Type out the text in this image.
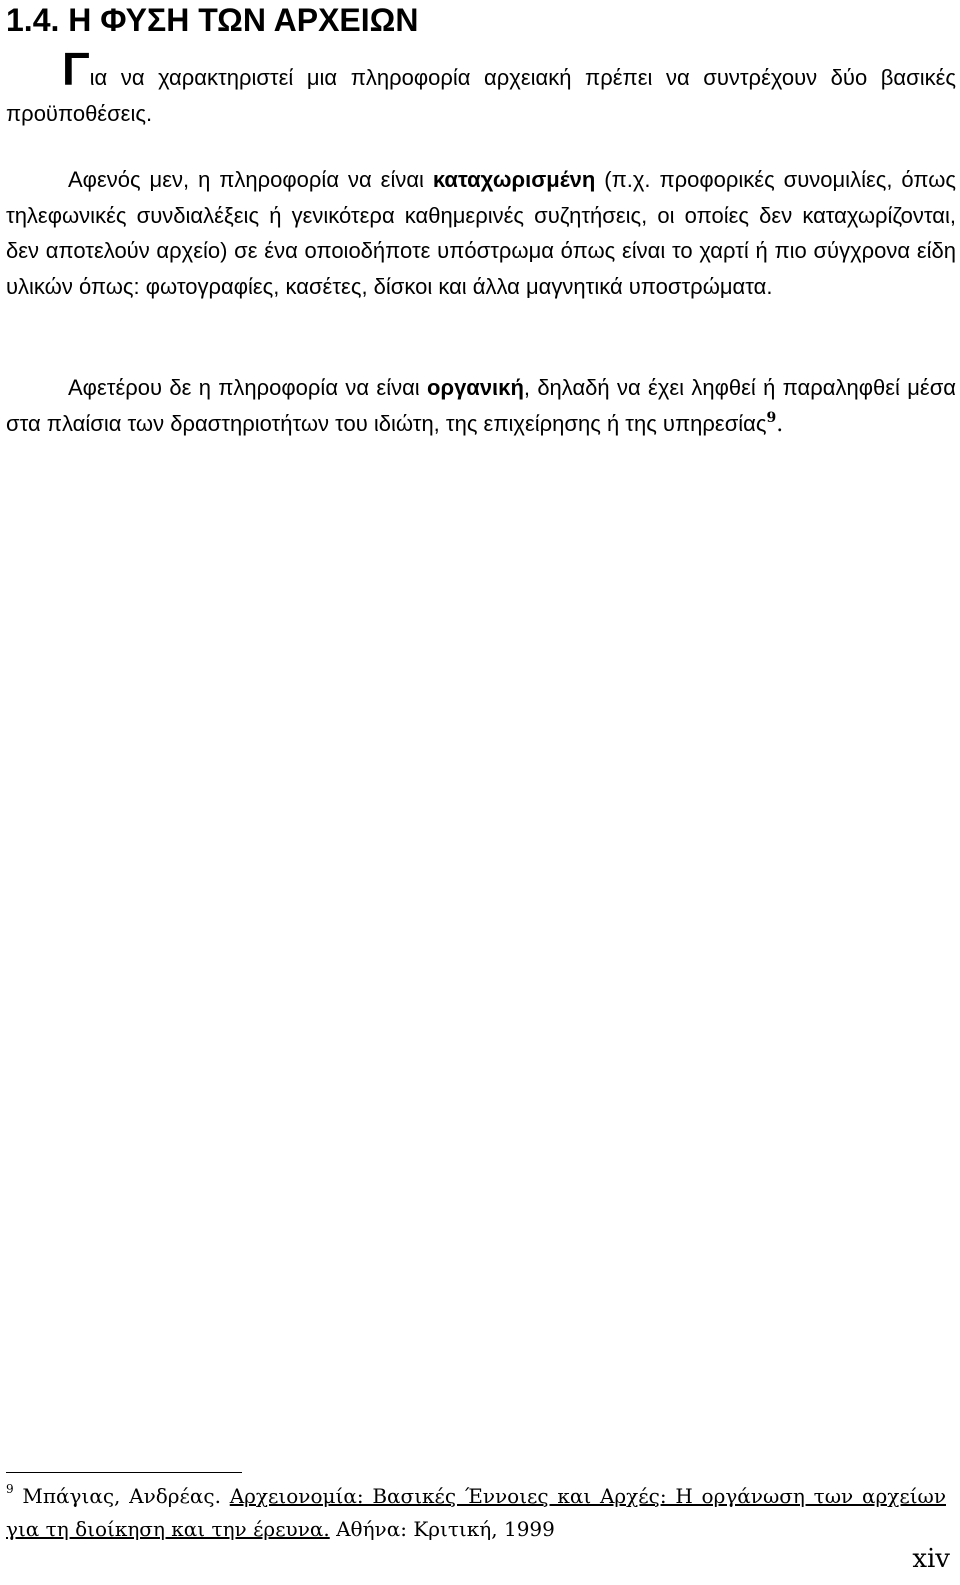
1.4. Η ΦΥΣΗ ΤΩΝ ΑΡΧΕΙΩΝ

Για να χαρακτηριστεί μια πληροφορία αρχειακή πρέπει να συντρέχουν δύο βασικές προϋποθέσεις.

Αφενός μεν, η πληροφορία να είναι καταχωρισμένη (π.χ. προφορικές συνομιλίες, όπως τηλεφωνικές συνδιαλέξεις ή γενικότερα καθημερινές συζητήσεις, οι οποίες δεν καταχωρίζονται, δεν αποτελούν αρχείο) σε ένα οποιοδήποτε υπόστρωμα όπως είναι το χαρτί ή πιο σύγχρονα είδη υλικών όπως: φωτογραφίες, κασέτες, δίσκοι και άλλα μαγνητικά υποστρώματα.

Αφετέρου δε η πληροφορία να είναι οργανική, δηλαδή να έχει ληφθεί ή παραληφθεί μέσα στα πλαίσια των δραστηριοτήτων του ιδιώτη, της επιχείρησης ή της υπηρεσίας$^9$.

$^9$ Μπάγιας, Ανδρέας. Αρχειονομία: Βασικές Έννοιες και Αρχές: Η οργάνωση των αρχείων για τη διοίκηση και την έρευνα. Αθήνα: Κριτική, 1999

xiv
